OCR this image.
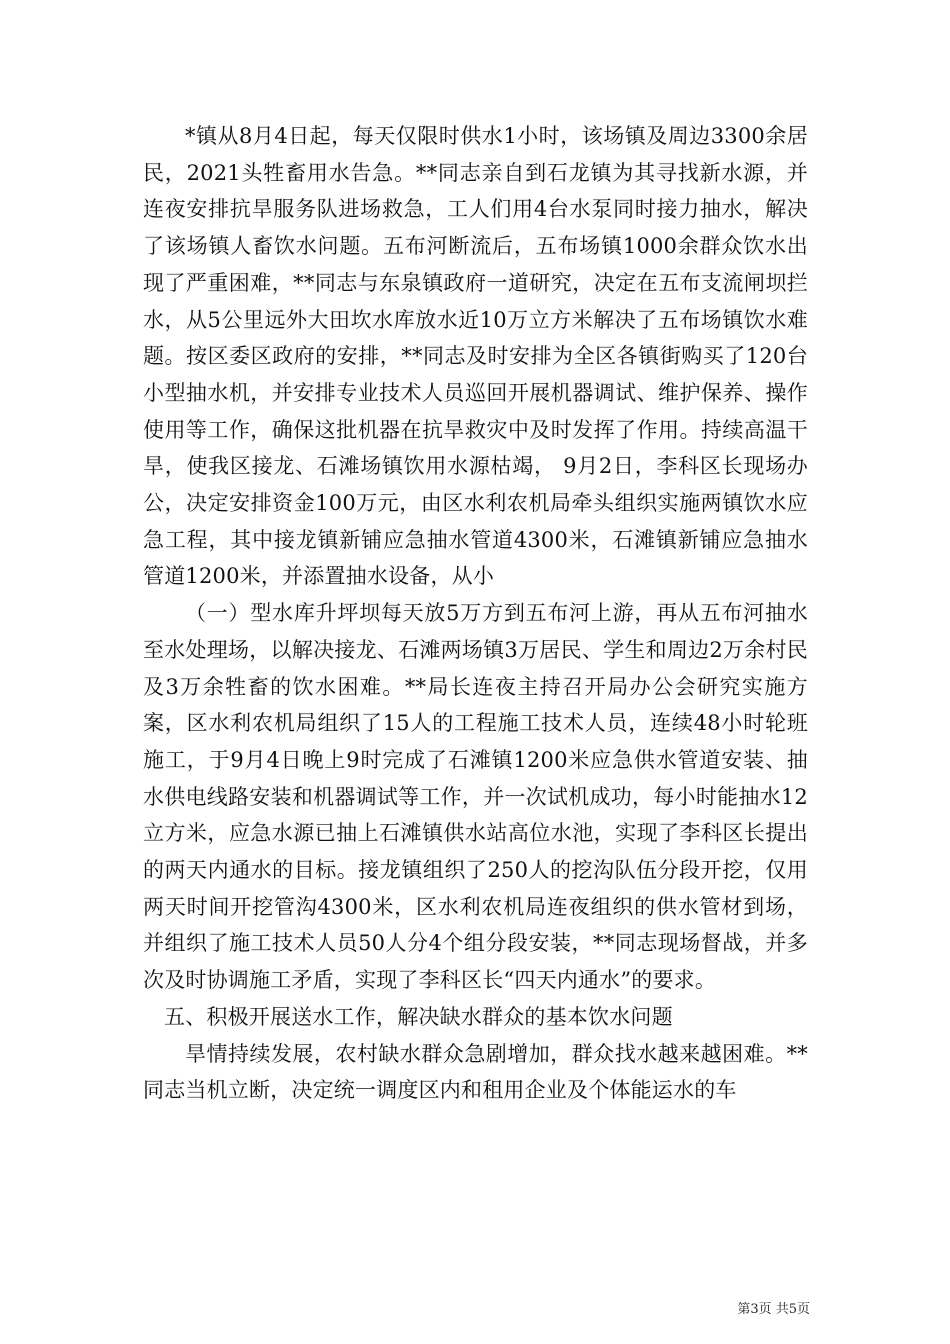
*镇从8月4日起，每天仅限时供水1小时，该场镇及周边3300余居民，2021头牲畜用水告急。**同志亲自到石龙镇为其寻找新水源，并连夜安排抗旱服务队进场救急，工人们用4台水泵同时接力抽水，解决了该场镇人畜饮水问题。五布河断流后，五布场镇1000余群众饮水出现了严重困难，**同志与东泉镇政府一道研究，决定在五布支流闸坝拦水，从5公里远外大田坎水库放水近10万立方米解决了五布场镇饮水难题。按区委区政府的安排，**同志及时安排为全区各镇街购买了120台小型抽水机，并安排专业技术人员巡回开展机器调试、维护保养、操作使用等工作，确保这批机器在抗旱救灾中及时发挥了作用。持续高温干旱，使我区接龙、石滩场镇饮用水源枯竭， 9月2日，李科区长现场办公，决定安排资金100万元，由区水利农机局牵头组织实施两镇饮水应急工程，其中接龙镇新铺应急抽水管道4300米，石滩镇新铺应急抽水管道1200米，并添置抽水设备，从小

（一）型水库升坪坝每天放5万方到五布河上游，再从五布河抽水至水处理场，以解决接龙、石滩两场镇3万居民、学生和周边2万余村民及3万余牲畜的饮水困难。**局长连夜主持召开局办公会研究实施方案，区水利农机局组织了15人的工程施工技术人员，连续48小时轮班施工，于9月4日晚上9时完成了石滩镇1200米应急供水管道安装、抽水供电线路安装和机器调试等工作，并一次试机成功，每小时能抽水12立方米，应急水源已抽上石滩镇供水站高位水池，实现了李科区长提出的两天内通水的目标。接龙镇组织了250人的挖沟队伍分段开挖，仅用两天时间开挖管沟4300米，区水利农机局连夜组织的供水管材到场，并组织了施工技术人员50人分4个组分段安装，**同志现场督战，并多次及时协调施工矛盾，实现了李科区长“四天内通水”的要求。

五、积极开展送水工作，解决缺水群众的基本饮水问题

旱情持续发展，农村缺水群众急剧增加，群众找水越来越困难。**同志当机立断，决定统一调度区内和租用企业及个体能运水的车

第3页 共5页
